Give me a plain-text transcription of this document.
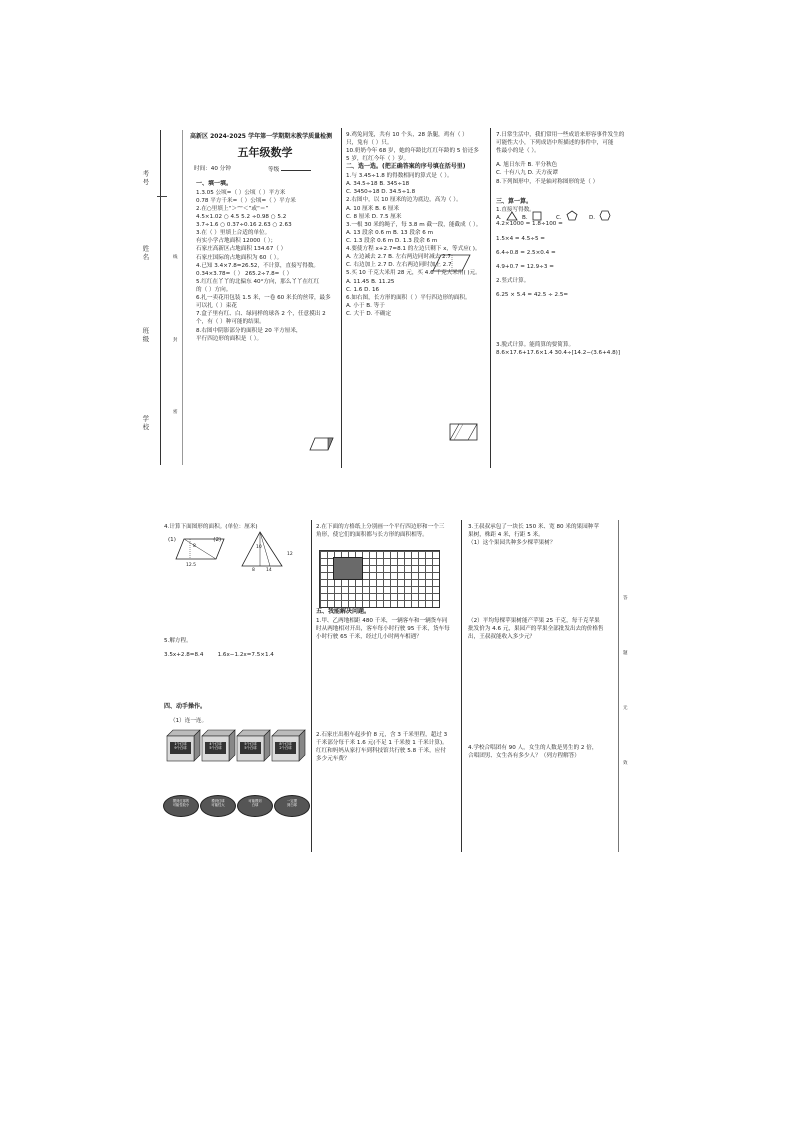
考号
姓名
班级
学校
线
封
密
高新区 2024-2025 学年第一学期期末教学质量检测
五年级数学
时间：40 分钟	等级
一、填一填。
1.3.05 公顷=（ ）公顷（ ）平方米
0.78 平方千米=（ ）公顷=（ ）平方米
2.在○里填上“＞”“＜”或“＝”
4.5×1.02 ○ 4.5 5.2 ÷0.98 ○ 5.2
3.7÷1.6 ○ 0.37÷0.16 2.63 ○ 2.6̇3
3.在（ ）里填上合适的单位。
有实小学占地面积 12000（ ）；
石家庄高新区占地面积 134.67（ ）
石家庄国际的占地面积为 60（ ）。
4.已知 3.4×7.8=26.52，不计算，直接写得数。
0.34×3.78=（ ） 265.2÷7.8=（ ）
5.红红在丫丫的北偏东 40°方向，那么丫丫在红红
的（ ）方向。
6.扎一卖花用包装 1.5 米，一卷 60 米长的丝带，最多
可以扎（ ）束花
7.盒子里有红、白、绿同样的球各 2 个，任意摸出 2
个，有（ ）种可能的结果。
8.右图中阴影部分的面积是 20 平方厘米，
平行四边形的面积是（ ）。
9.鸡兔同笼，共有 10 个头，28 条腿，鸡有（ ）
只，兔有（ ）只。
10.奶奶今年 68 岁，她的年龄比红红年龄的 5 倍还多
5 岁，红红今年（ ）岁。
二、选一选。(把正确答案的序号填在括号里)
1.与 3.45÷1.8 的得数相同的算式是（ ）。
A. 34.5÷18 B. 345÷18
C. 3450÷18 D. 34.5÷1.8
2.右图中，以 10 厘米的边为底边，高为（ ）。
A. 10 厘米 B. 6 厘米
C. 8 厘米 D. 7.5 厘米
3.一根 30 米的绳子，每 3.8 m 截一段，能截成（ ）。
A. 13 段余 0.6 m B. 13 段余 6 m
C. 1.3 段余 0.6 m D. 1.3 段余 6 m
4.要使方程 x+2.7=8.1 的左边只剩下 x，等式应( )。
A. 左边减去 2.7 B. 左右两边同时减去 2.7
C. 右边加上 2.7 D. 左右两边同时加上 2.7
5.买 10 千克大米用 28 元，买 4.6 千克大米用( )元。
A. 11.45 B. 11.25
C. 1.6 D. 16
6.如右图，长方形的面积（ ）平行四边形的面积。
A. 小于 B. 等于
C. 大于 D. 不确定
7.日常生活中，我们常用一些成语来形容事件发生的
可能性大小，下列成语中所描述的事件中，可能
性最小的是（ ）。
A. 旭日东升 B. 平分秋色
C. 十有八九 D. 天方夜谭
8.下列图形中，不是轴对称图形的是（ ）
三、算一算。
1.直接写得数。
4.2×1000 = 1.8÷100 =
1.5×4 = 4.5÷5 =
6.4÷0.8 = 2.5×0.4 =
4.9+0.7 = 12.9÷3 =
2.竖式计算。
6.25 × 5.4 = 42.5 ÷ 2.5=
3.脱式计算。能简算的要简算。
8.6×17.6+17.6×1.4 30.4÷[14.2−(3.6+4.8)]
A.	B.	C.	D.
答
题
无
效
4.计算下面图形的面积。(单位：厘米)
(1)                     (2)
8
12.5
10
8 14
12
5.解方程。
3.5x+2.8=8.4        1.6x−1.2x=7.5×1.4
四、动手操作。
（1）连一连。
1个红球
9个白球
4个红球
5个白球
5个红球
5个白球
8个红球
2个白球
摸到红球的
可能性较小
摸到红球
可能性大
可能摸到
白球
一定摸
到白球
2.在下面的方格纸上分别画一个平行四边形和一个三
角形，使它们的面积都与长方形的面积相等。
五、我能解决问题。
1.甲、乙两地相距 480 千米，一辆客车和一辆货车同
时从两地相对开出，客车每小时行驶 95 千米，货车每
小时行驶 65 千米，经过几小时两车相遇？
2.石家庄出租车起步价 8 元，含 3 千米里程，超过 3
千米部分每千米 1.6 元(不足 1 千米按 1 千米计算)。
红红和妈妈从家打车到科技馆共行驶 5.8 千米，应付
多少元车费？
3.王叔叔承包了一块长 150 米、宽 80 米的果园种苹
果树，株距 4 米，行距 5 米。
（1）这个果园共种多少棵苹果树？
（2）平均每棵苹果树能产苹果 25 千克，每千克苹果
批发价为 4.6 元，果园产的苹果全部批发出去的价格售
出，王叔叔能收入多少元？
4.学校合唱团有 90 人，女生的人数是男生的 2 倍，
合唱团男、女生各有多少人？（列方程解答）
